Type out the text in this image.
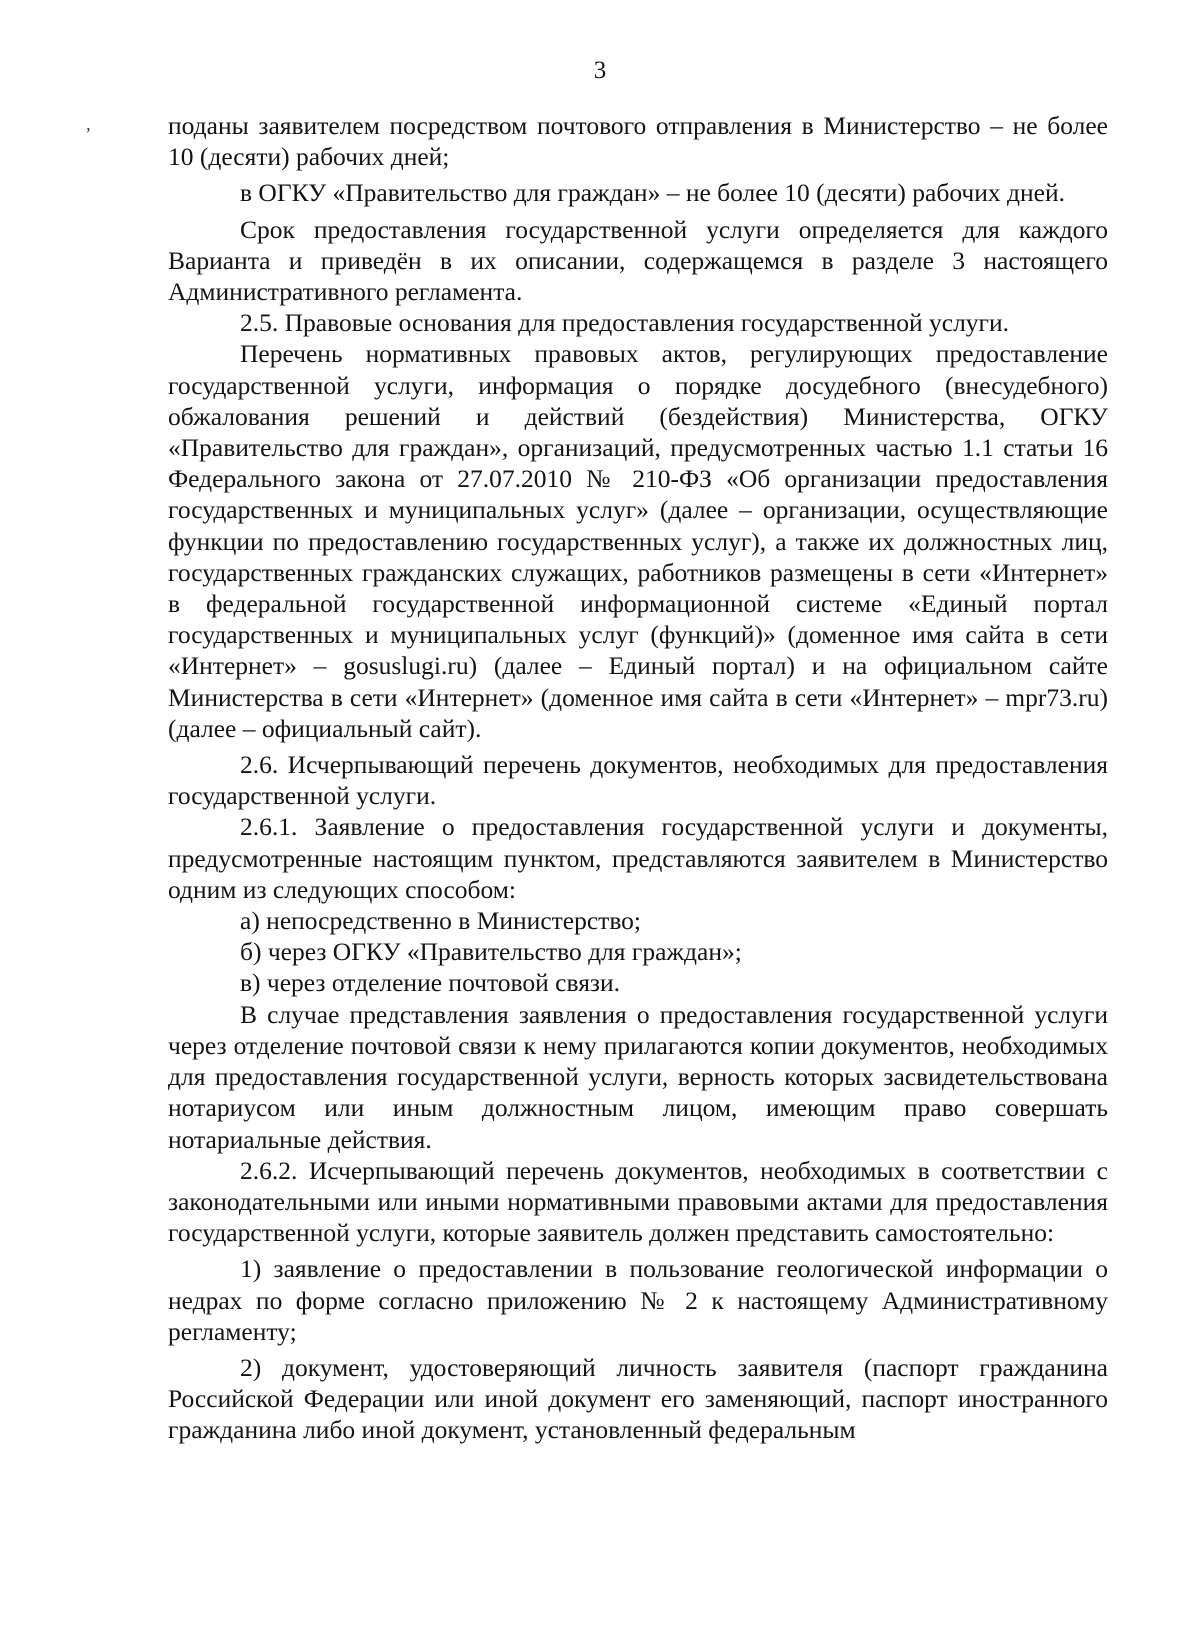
3
ʼ	поданы заявителем посредством почтового отправления в Министерство – не более 10 (десяти) рабочих дней;

в ОГКУ «Правительство для граждан» – не более 10 (десяти) рабочих дней.

Срок предоставления государственной услуги определяется для каждого Варианта и приведён в их описании, содержащемся в разделе 3 настоящего Административного регламента.

2.5. Правовые основания для предоставления государственной услуги.

Перечень нормативных правовых актов, регулирующих предоставление государственной услуги, информация о порядке досудебного (внесудебного) обжалования решений и действий (бездействия) Министерства, ОГКУ «Правительство для граждан», организаций, предусмотренных частью 1.1 статьи 16 Федерального закона от 27.07.2010 № 210-ФЗ «Об организации предоставления государственных и муниципальных услуг» (далее – организации, осуществляющие функции по предоставлению государственных услуг), а также их должностных лиц, государственных гражданских служащих, работников размещены в сети «Интернет» в федеральной государственной информационной системе «Единый портал государственных и муниципальных услуг (функций)» (доменное имя сайта в сети «Интернет» – gosuslugi.ru) (далее – Единый портал) и на официальном сайте Министерства в сети «Интернет» (доменное имя сайта в сети «Интернет» – mpr73.ru) (далее – официальный сайт).

2.6. Исчерпывающий перечень документов, необходимых для предоставления государственной услуги.

2.6.1. Заявление о предоставления государственной услуги и документы, предусмотренные настоящим пунктом, представляются заявителем в Министерство одним из следующих способом:

а) непосредственно в Министерство;

б) через ОГКУ «Правительство для граждан»;

в) через отделение почтовой связи.

В случае представления заявления о предоставления государственной услуги через отделение почтовой связи к нему прилагаются копии документов, необходимых для предоставления государственной услуги, верность которых засвидетельствована нотариусом или иным должностным лицом, имеющим право совершать нотариальные действия.

2.6.2. Исчерпывающий перечень документов, необходимых в соответствии с законодательными или иными нормативными правовыми актами для предоставления государственной услуги, которые заявитель должен представить самостоятельно:

1) заявление о предоставлении в пользование геологической информации о недрах по форме согласно приложению № 2 к настоящему Административному регламенту;

2) документ, удостоверяющий личность заявителя (паспорт гражданина Российской Федерации или иной документ его заменяющий, паспорт иностранного гражданина либо иной документ, установленный федеральным
